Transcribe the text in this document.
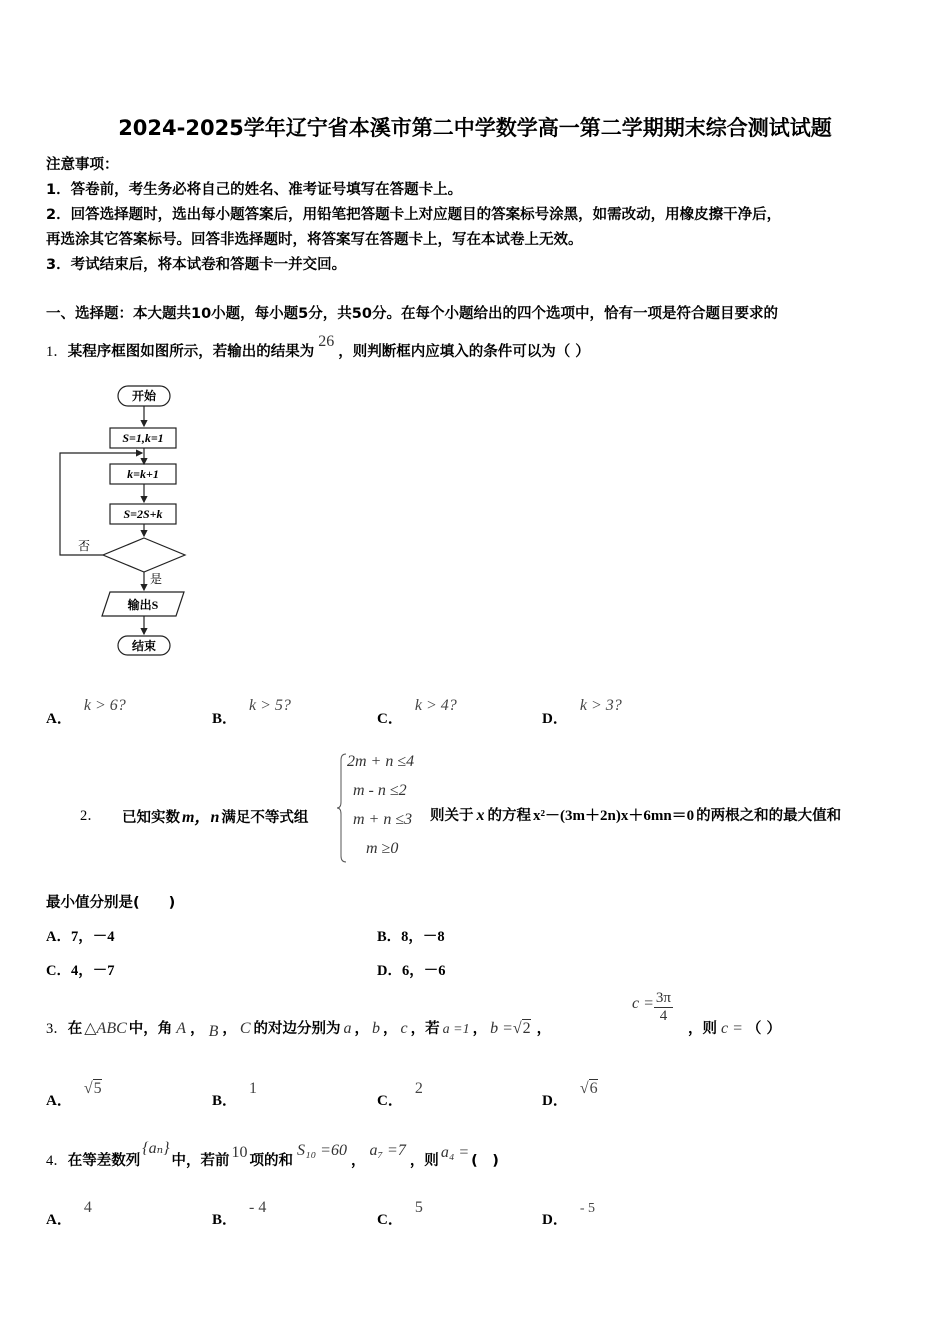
2024-2025学年辽宁省本溪市第二中学数学高一第二学期期末综合测试试题
注意事项：
1．答卷前，考生务必将自己的姓名、准考证号填写在答题卡上。
2．回答选择题时，选出每小题答案后，用铅笔把答题卡上对应题目的答案标号涂黑，如需改动，用橡皮擦干净后，
再选涂其它答案标号。回答非选择题时，将答案写在答题卡上，写在本试卷上无效。
3．考试结束后，将本试卷和答题卡一并交回。
一、选择题：本大题共10小题，每小题5分，共50分。在每个小题给出的四个选项中，恰有一项是符合题目要求的
1．某程序框图如图所示，若输出的结果为26，则判断框内应填入的条件可以为（ ）
开始
S=1,k=1
k=k+1
S=2S+k
否
是
输出S
结束
A．k > 6?
B．k > 5?
C．k > 4?
D．k > 3?
2． 已知实数 m，n 满足不等式组
2m + n ≤4
m - n ≤2
m + n ≤3
m ≥0
则关于 x 的方程 x²－(3m＋2n)x＋6mn＝0 的两根之和的最大值和
最小值分别是(　　)
A．7，－4	B．8，－8
C．4，－7	D．6，－6
3．在 △ABC 中，角 A ， B ， C 的对边分别为 a ， b ， c ，若 a =1 ， b =√2 ，
$c = \frac{3\pi}{4}$
，则 c = （ ）
A．√5
B．1
C．2
D．√6
4．在等差数列{aₙ}中，若前 10 项的和S₁₀ =60，a₇ =7，则 a₄ = (　)
A．4
B．- 4
C．5
D．- 5
